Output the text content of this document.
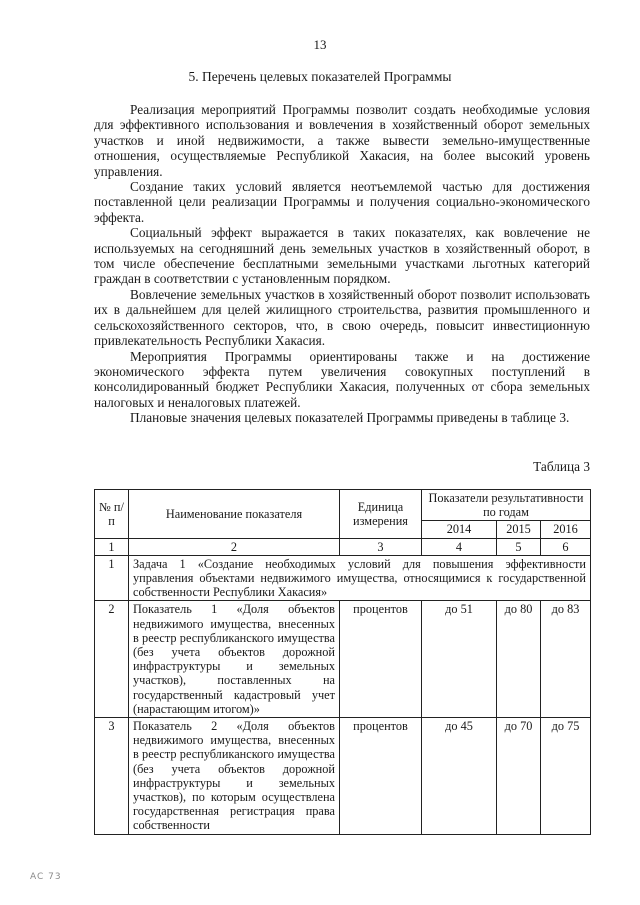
13
5. Перечень целевых показателей Программы

Реализация мероприятий Программы позволит создать необходимые условия для эффективного использования и вовлечения в хозяйственный оборот земельных участков и иной недвижимости, а также вывести земельно-имущественные отношения, осуществляемые Республикой Хакасия, на более высокий уровень управления.

Создание таких условий является неотъемлемой частью для достижения поставленной цели реализации Программы и получения социально-экономического эффекта.

Социальный эффект выражается в таких показателях, как вовлечение не используемых на сегодняшний день земельных участков в хозяйственный оборот, в том числе обеспечение бесплатными земельными участками льготных категорий граждан в соответствии с установленным порядком.

Вовлечение земельных участков в хозяйственный оборот позволит использовать их в дальнейшем для целей жилищного строительства, развития промышленного и сельскохозяйственного секторов, что, в свою очередь, повысит инвестиционную привлекательность Республики Хакасия.

Мероприятия Программы ориентированы также и на достижение экономического эффекта путем увеличения совокупных поступлений в консолидированный бюджет Республики Хакасия, полученных от сбора земельных налоговых и неналоговых платежей.

Плановые значения целевых показателей Программы приведены в таблице 3.

Таблица 3
№ п/п	Наименование показателя	Единица измерения	Показатели результативности по годам		
			2014	2015	2016
1	2	3	4	5	6
1	Задача 1 «Создание необходимых условий для повышения эффективности управления объектами недвижимого имущества, относящимися к государственной собственности Республики Хакасия»				
2	Показатель 1 «Доля объектов недвижимого имущества, внесенных в реестр республиканского имущества (без учета объектов дорожной инфраструктуры и земельных участков), поставленных на государственный кадастровый учет (нарастающим итогом)»	процентов	до 51	до 80	до 83
3	Показатель 2 «Доля объектов недвижимого имущества, внесенных в реестр республиканского имущества (без учета объектов дорожной инфраструктуры и земельных участков), по которым осуществлена государственная регистрация права собственности	процентов	до 45	до 70	до 75
AC 73
